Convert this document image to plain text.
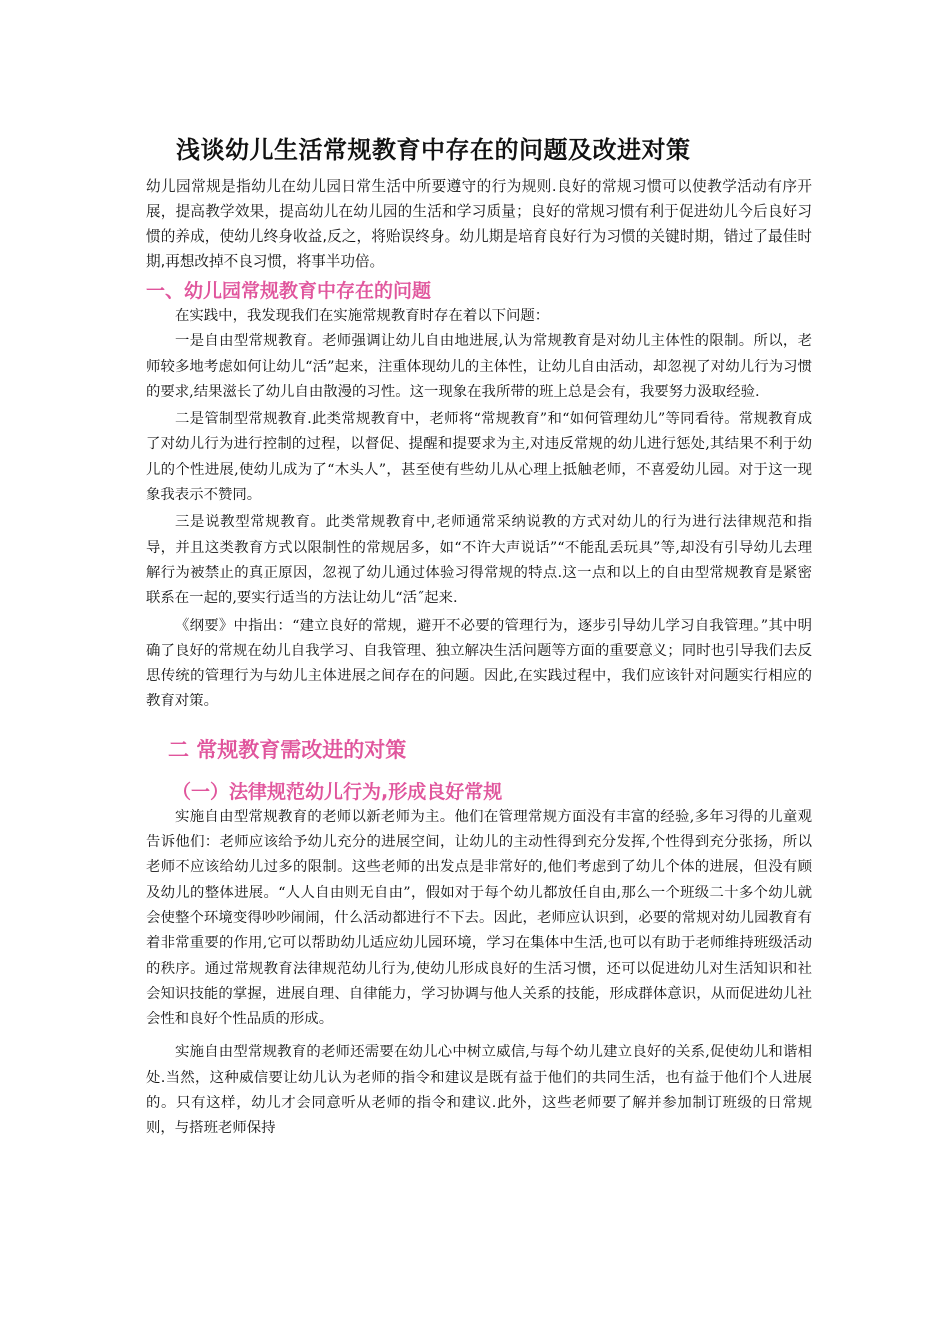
浅谈幼儿生活常规教育中存在的问题及改进对策

幼儿园常规是指幼儿在幼儿园日常生活中所要遵守的行为规则.良好的常规习惯可以使教学活动有序开展，提高教学效果，提高幼儿在幼儿园的生活和学习质量；良好的常规习惯有利于促进幼儿今后良好习惯的养成，使幼儿终身收益,反之，将贻误终身。幼儿期是培育良好行为习惯的关键时期，错过了最佳时期,再想改掉不良习惯，将事半功倍。

一、幼儿园常规教育中存在的问题

在实践中，我发现我们在实施常规教育时存在着以下问题：

一是自由型常规教育。老师强调让幼儿自由地进展,认为常规教育是对幼儿主体性的限制。所以，老师较多地考虑如何让幼儿“活”起来，注重体现幼儿的主体性，让幼儿自由活动，却忽视了对幼儿行为习惯的要求,结果滋长了幼儿自由散漫的习性。这一现象在我所带的班上总是会有，我要努力汲取经验.

二是管制型常规教育.此类常规教育中，老师将“常规教育”和“如何管理幼儿”等同看待。常规教育成了对幼儿行为进行控制的过程，以督促、提醒和提要求为主,对违反常规的幼儿进行惩处,其结果不利于幼儿的个性进展,使幼儿成为了“木头人”，甚至使有些幼儿从心理上抵触老师，不喜爱幼儿园。对于这一现象我表示不赞同。

三是说教型常规教育。此类常规教育中,老师通常采纳说教的方式对幼儿的行为进行法律规范和指导，并且这类教育方式以限制性的常规居多，如“不许大声说话”“不能乱丢玩具”等,却没有引导幼儿去理解行为被禁止的真正原因，忽视了幼儿通过体验习得常规的特点.这一点和以上的自由型常规教育是紧密联系在一起的,要实行适当的方法让幼儿“活˝起来.

《纲要》中指出：“建立良好的常规，避开不必要的管理行为，逐步引导幼儿学习自我管理。”其中明确了良好的常规在幼儿自我学习、自我管理、独立解决生活问题等方面的重要意义；同时也引导我们去反思传统的管理行为与幼儿主体进展之间存在的问题。因此,在实践过程中，我们应该针对问题实行相应的教育对策。

二 常规教育需改进的对策
（一）法律规范幼儿行为,形成良好常规

实施自由型常规教育的老师以新老师为主。他们在管理常规方面没有丰富的经验,多年习得的儿童观告诉他们：老师应该给予幼儿充分的进展空间，让幼儿的主动性得到充分发挥,个性得到充分张扬，所以老师不应该给幼儿过多的限制。这些老师的出发点是非常好的,他们考虑到了幼儿个体的进展，但没有顾及幼儿的整体进展。“人人自由则无自由”，假如对于每个幼儿都放任自由,那么一个班级二十多个幼儿就会使整个环境变得吵吵闹闹，什么活动都进行不下去。因此，老师应认识到，必要的常规对幼儿园教育有着非常重要的作用,它可以帮助幼儿适应幼儿园环境，学习在集体中生活,也可以有助于老师维持班级活动的秩序。通过常规教育法律规范幼儿行为,使幼儿形成良好的生活习惯，还可以促进幼儿对生活知识和社会知识技能的掌握，进展自理、自律能力，学习协调与他人关系的技能，形成群体意识，从而促进幼儿社会性和良好个性品质的形成。

实施自由型常规教育的老师还需要在幼儿心中树立威信,与每个幼儿建立良好的关系,促使幼儿和谐相处.当然，这种威信要让幼儿认为老师的指令和建议是既有益于他们的共同生活，也有益于他们个人进展的。只有这样，幼儿才会同意听从老师的指令和建议.此外，这些老师要了解并参加制订班级的日常规则，与搭班老师保持
